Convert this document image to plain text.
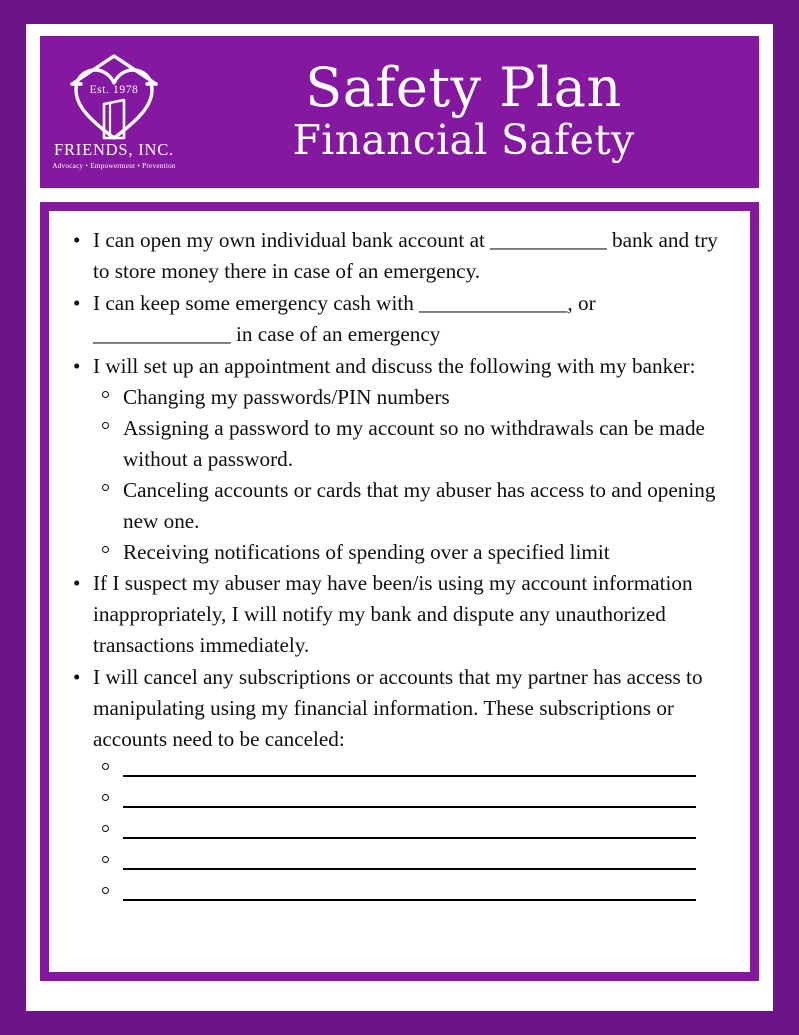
Est. 1978
FRIENDS, INC.
Advocacy • Empowerment • Prevention
Safety Plan
Financial Safety
• I can open my own individual bank account at ___________ bank and try to store money there in case of an emergency.
• I can keep some emergency cash with ______________, or _____________ in case of an emergency
• I will set up an appointment and discuss the following with my banker:
Changing my passwords/PIN numbers
Assigning a password to my account so no withdrawals can be made without a password.
Canceling accounts or cards that my abuser has access to and opening new one.
Receiving notifications of spending over a specified limit
• If I suspect my abuser may have been/is using my account information inappropriately, I will notify my bank and dispute any unauthorized transactions immediately.
• I will cancel any subscriptions or accounts that my partner has access to manipulating using my financial information. These subscriptions or accounts need to be canceled:
